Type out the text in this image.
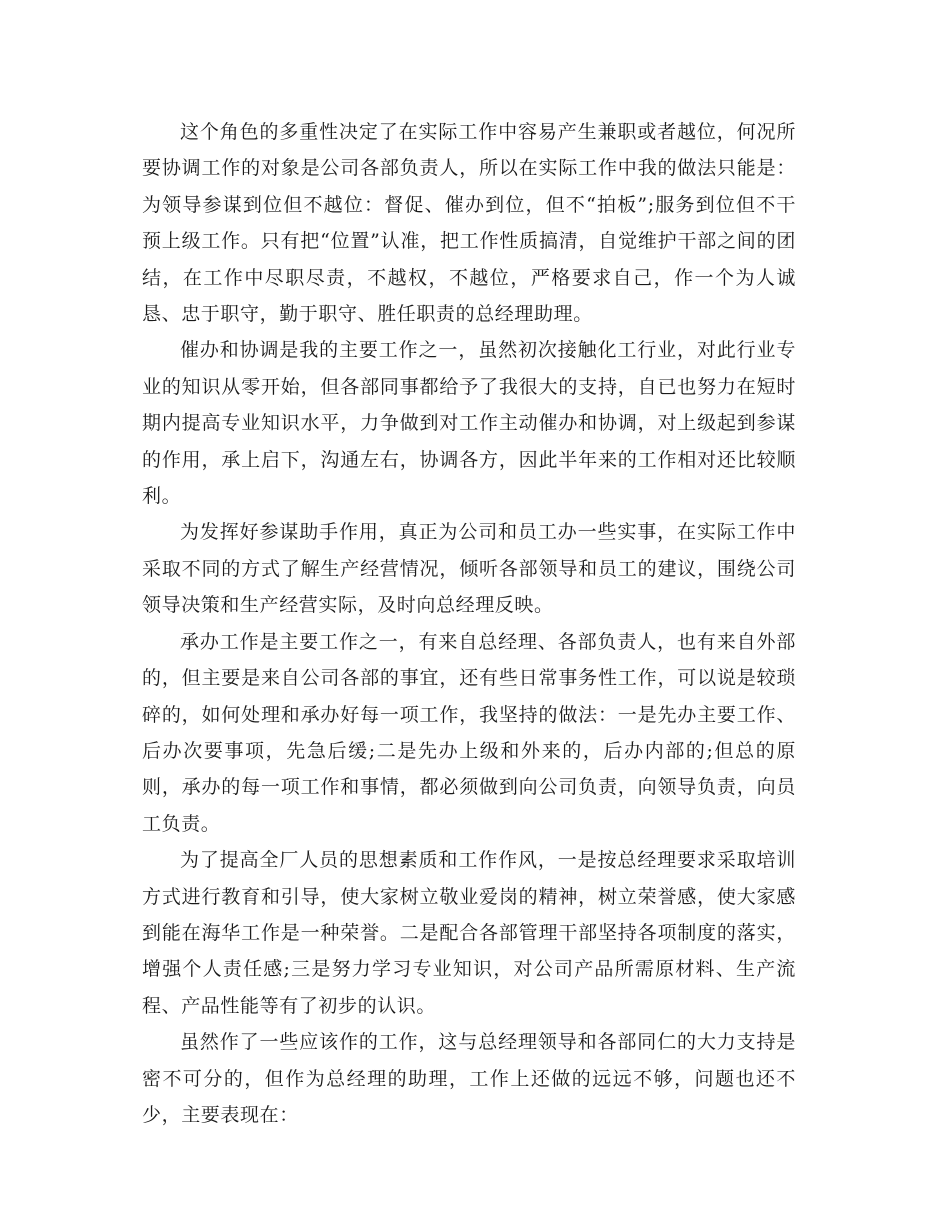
这个角色的多重性决定了在实际工作中容易产生兼职或者越位，何况所要协调工作的对象是公司各部负责人，所以在实际工作中我的做法只能是：为领导参谋到位但不越位：督促、催办到位，但不“拍板”;服务到位但不干预上级工作。只有把“位置”认准，把工作性质搞清，自觉维护干部之间的团结，在工作中尽职尽责，不越权，不越位，严格要求自己，作一个为人诚恳、忠于职守，勤于职守、胜任职责的总经理助理。

催办和协调是我的主要工作之一，虽然初次接触化工行业，对此行业专业的知识从零开始，但各部同事都给予了我很大的支持，自已也努力在短时期内提高专业知识水平，力争做到对工作主动催办和协调，对上级起到参谋的作用，承上启下，沟通左右，协调各方，因此半年来的工作相对还比较顺利。

为发挥好参谋助手作用，真正为公司和员工办一些实事，在实际工作中采取不同的方式了解生产经营情况，倾听各部领导和员工的建议，围绕公司领导决策和生产经营实际，及时向总经理反映。

承办工作是主要工作之一，有来自总经理、各部负责人，也有来自外部的，但主要是来自公司各部的事宜，还有些日常事务性工作，可以说是较琐碎的，如何处理和承办好每一项工作，我坚持的做法：一是先办主要工作、后办次要事项，先急后缓;二是先办上级和外来的，后办内部的;但总的原则，承办的每一项工作和事情，都必须做到向公司负责，向领导负责，向员工负责。

为了提高全厂人员的思想素质和工作作风，一是按总经理要求采取培训方式进行教育和引导，使大家树立敬业爱岗的精神，树立荣誉感，使大家感到能在海华工作是一种荣誉。二是配合各部管理干部坚持各项制度的落实，增强个人责任感;三是努力学习专业知识，对公司产品所需原材料、生产流程、产品性能等有了初步的认识。

虽然作了一些应该作的工作，这与总经理领导和各部同仁的大力支持是密不可分的，但作为总经理的助理，工作上还做的远远不够，问题也还不少，主要表现在：
